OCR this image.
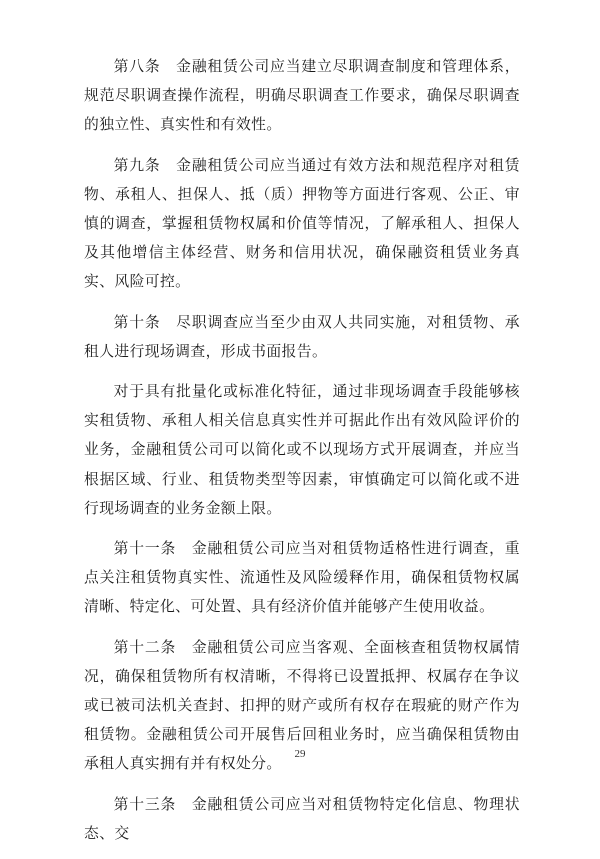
第八条　金融租赁公司应当建立尽职调查制度和管理体系，规范尽职调查操作流程，明确尽职调查工作要求，确保尽职调查的独立性、真实性和有效性。

第九条　金融租赁公司应当通过有效方法和规范程序对租赁物、承租人、担保人、抵（质）押物等方面进行客观、公正、审慎的调查，掌握租赁物权属和价值等情况，了解承租人、担保人及其他增信主体经营、财务和信用状况，确保融资租赁业务真实、风险可控。

第十条　尽职调查应当至少由双人共同实施，对租赁物、承租人进行现场调查，形成书面报告。

对于具有批量化或标准化特征，通过非现场调查手段能够核实租赁物、承租人相关信息真实性并可据此作出有效风险评价的业务，金融租赁公司可以简化或不以现场方式开展调查，并应当根据区域、行业、租赁物类型等因素，审慎确定可以简化或不进行现场调查的业务金额上限。

第十一条　金融租赁公司应当对租赁物适格性进行调查，重点关注租赁物真实性、流通性及风险缓释作用，确保租赁物权属清晰、特定化、可处置、具有经济价值并能够产生使用收益。

第十二条　金融租赁公司应当客观、全面核查租赁物权属情况，确保租赁物所有权清晰，不得将已设置抵押、权属存在争议或已被司法机关查封、扣押的财产或所有权存在瑕疵的财产作为租赁物。金融租赁公司开展售后回租业务时，应当确保租赁物由承租人真实拥有并有权处分。

第十三条　金融租赁公司应当对租赁物特定化信息、物理状态、交

29
